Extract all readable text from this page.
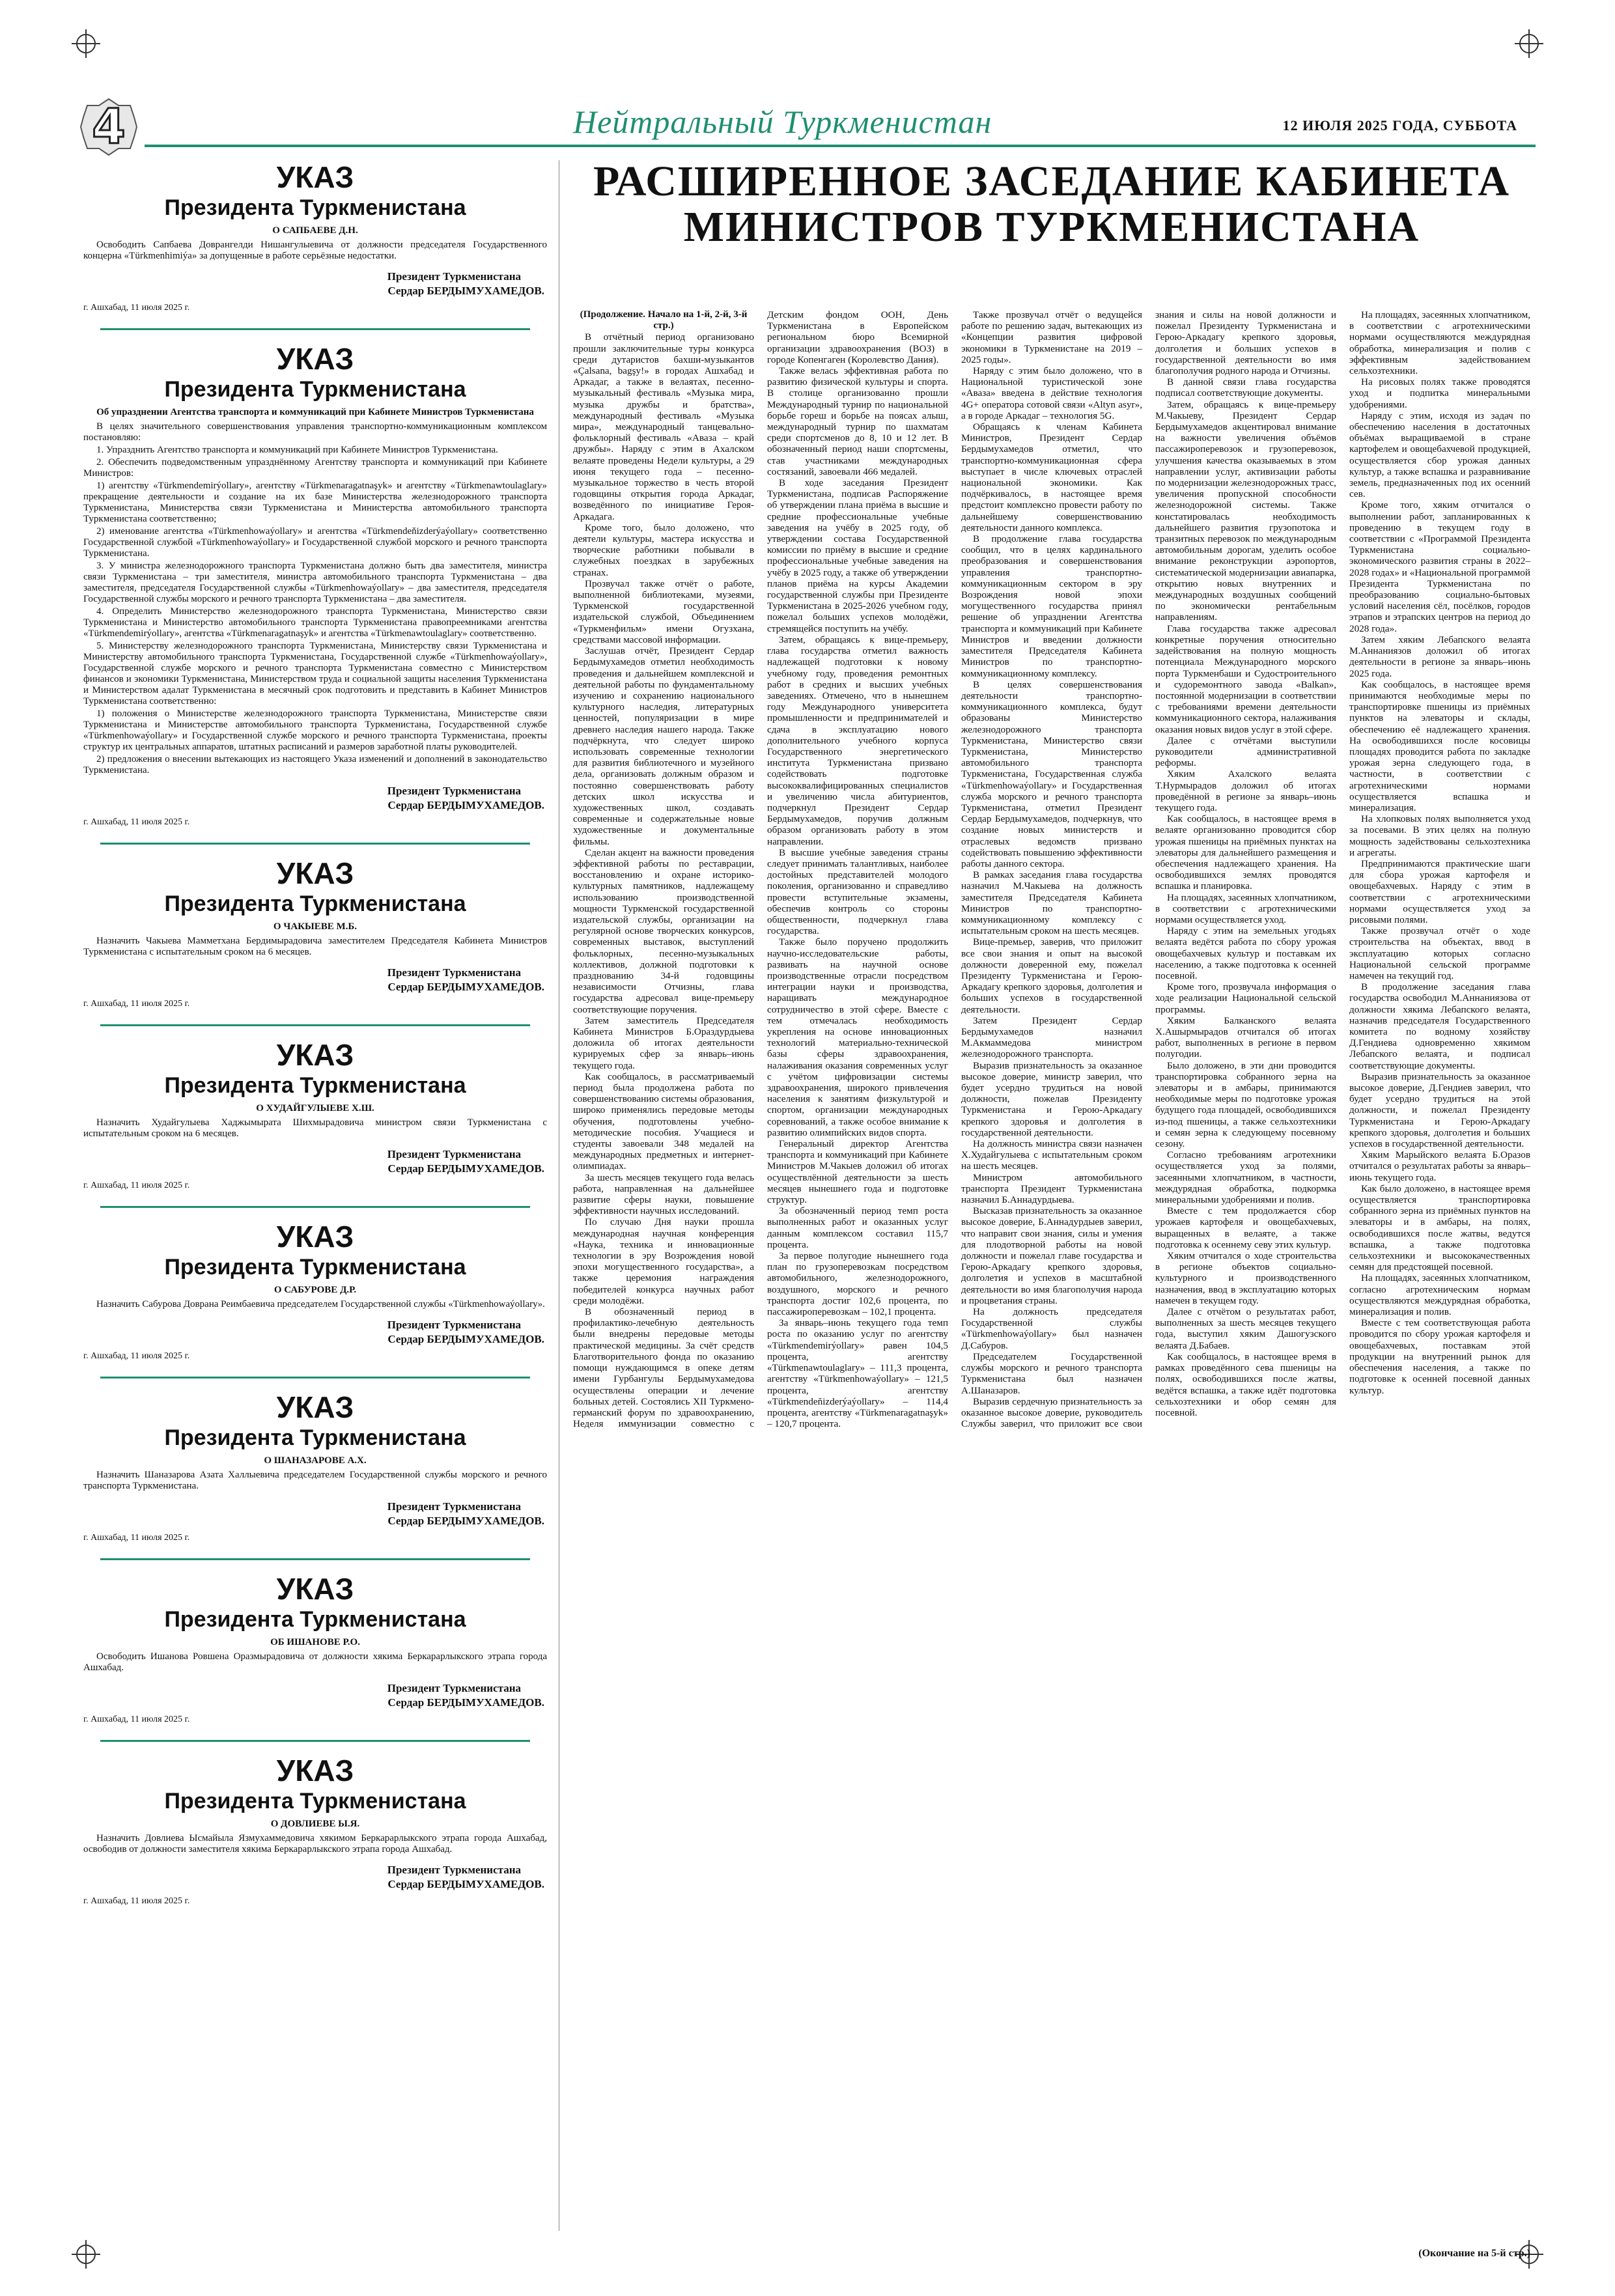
4	Нейтральный Туркменистан	12 ИЮЛЯ 2025 ГОДА, СУББОТА
УКАЗ
Президента Туркменистана
О САПБАЕВЕ Д.Н.

Освободить Сапбаева Доврангелди Нишангулыевича от должности председателя Государственного концерна «Türkmenhimiýa» за допущенные в работе серьёзные недостатки.

Президент Туркменистана
Сердар БЕРДЫМУХАМЕДОВ.
г. Ашхабад, 11 июля 2025 г.
УКАЗ
Президента Туркменистана
Об упразднении Агентства транспорта и коммуникаций при Кабинете Министров Туркменистана

В целях значительного совершенствования управления транспортно-коммуникационным комплексом постановляю:

1. Упразднить Агентство транспорта и коммуникаций при Кабинете Министров Туркменистана.

2. Обеспечить подведомственным упразднённому Агентству транспорта и коммуникаций при Кабинете Министров:

1) агентству «Türkmendemirýollary», агентству «Türkmenaragatnaşyk» и агентству «Türkmenawtoulaglary» прекращение деятельности и создание на их базе Министерства железнодорожного транспорта Туркменистана, Министерства связи Туркменистана и Министерства автомобильного транспорта Туркменистана соответственно;

2) именование агентства «Türkmenhowaýollary» и агентства «Türkmendeňizderýaýollary» соответственно Государственной службой «Türkmenhowaýollary» и Государственной службой морского и речного транспорта Туркменистана.

3. У министра железнодорожного транспорта Туркменистана должно быть два заместителя, министра связи Туркменистана – три заместителя, министра автомобильного транспорта Туркменистана – два заместителя, председателя Государственной службы «Türkmenhowaýollary» – два заместителя, председателя Государственной службы морского и речного транспорта Туркменистана – два заместителя.

4. Определить Министерство железнодорожного транспорта Туркменистана, Министерство связи Туркменистана и Министерство автомобильного транспорта Туркменистана правопреемниками агентства «Türkmendemirýollary», агентства «Türkmenaragatnaşyk» и агентства «Türkmenawtoulaglary» соответственно.

5. Министерству железнодорожного транспорта Туркменистана, Министерству связи Туркменистана и Министерству автомобильного транспорта Туркменистана, Государственной службе «Türkmenhowaýollary», Государственной службе морского и речного транспорта Туркменистана совместно с Министерством финансов и экономики Туркменистана, Министерством труда и социальной защиты населения Туркменистана и Министерством адалат Туркменистана в месячный срок подготовить и представить в Кабинет Министров Туркменистана соответственно:

1) положения о Министерстве железнодорожного транспорта Туркменистана, Министерстве связи Туркменистана и Министерстве автомобильного транспорта Туркменистана, Государственной службе «Türkmenhowaýollary» и Государственной службе морского и речного транспорта Туркменистана, проекты структур их центральных аппаратов, штатных расписаний и размеров заработной платы руководителей.

2) предложения о внесении вытекающих из настоящего Указа изменений и дополнений в законодательство Туркменистана.

Президент Туркменистана
Сердар БЕРДЫМУХАМЕДОВ.
г. Ашхабад, 11 июля 2025 г.
УКАЗ
Президента Туркменистана
О ЧАКЫЕВЕ М.Б.

Назначить Чакыева Мамметхана Бердимырадовича заместителем Председателя Кабинета Министров Туркменистана с испытательным сроком на 6 месяцев.

Президент Туркменистана
Сердар БЕРДЫМУХАМЕДОВ.
г. Ашхабад, 11 июля 2025 г.
УКАЗ
Президента Туркменистана
О ХУДАЙГУЛЫЕВЕ Х.Ш.

Назначить Худайгулыева Хаджымырата Шихмырадовича министром связи Туркменистана с испытательным сроком на 6 месяцев.

Президент Туркменистана
Сердар БЕРДЫМУХАМЕДОВ.
г. Ашхабад, 11 июля 2025 г.
УКАЗ
Президента Туркменистана
О САБУРОВЕ Д.Р.

Назначить Сабурова Доврана Реимбаевича председателем Государственной службы «Türkmenhowaýollary».

Президент Туркменистана
Сердар БЕРДЫМУХАМЕДОВ.
г. Ашхабад, 11 июля 2025 г.
УКАЗ
Президента Туркменистана
О ШАНАЗАРОВЕ А.Х.

Назначить Шаназарова Азата Халлыевича председателем Государственной службы морского и речного транспорта Туркменистана.

Президент Туркменистана
Сердар БЕРДЫМУХАМЕДОВ.
г. Ашхабад, 11 июля 2025 г.
УКАЗ
Президента Туркменистана
ОБ ИШАНОВЕ Р.О.

Освободить Ишанова Ровшена Оразмырадовича от должности хякима Беркарарлыкского этрапа города Ашхабад.

Президент Туркменистана
Сердар БЕРДЫМУХАМЕДОВ.
г. Ашхабад, 11 июля 2025 г.
УКАЗ
Президента Туркменистана
О ДОВЛИЕВЕ Ы.Я.

Назначить Довлиева Ысмайыла Язмухаммедовича хякимом Беркарарлыкского этрапа города Ашхабад, освободив от должности заместителя хякима Беркарарлыкского этрапа города Ашхабад.

Президент Туркменистана
Сердар БЕРДЫМУХАМЕДОВ.
г. Ашхабад, 11 июля 2025 г.
РАСШИРЕННОЕ ЗАСЕДАНИЕ КАБИНЕТА МИНИСТРОВ ТУРКМЕНИСТАНА

(Продолжение. Начало на 1-й, 2-й, 3-й стр.)

В отчётный период организовано прошли заключительные туры конкурса среди дутаристов бахши-музыкантов «Çalsana, bagşy!» в городах Ашхабад и Аркадаг, а также в велаятах, песенно-музыкальный фестиваль «Музыка мира, музыка дружбы и братства», международный фестиваль «Музыка мира», международный танцевально-фольклорный фестиваль «Аваза – край дружбы». Наряду с этим в Ахалском велаяте проведены Недели культуры, а 29 июня текущего года – песенно-музыкальное торжество в честь второй годовщины открытия города Аркадаг, возведённого по инициативе Героя-Аркадага.

Кроме того, было доложено, что деятели культуры, мастера искусства и творческие работники побывали в служебных поездках в зарубежных странах.

Прозвучал также отчёт о работе, выполненной библиотеками, музеями, Туркменской государственной издательской службой, Объединением «Туркменфильм» имени Огузхана, средствами массовой информации.

Заслушав отчёт, Президент Сердар Бердымухамедов отметил необходимость проведения и дальнейшем комплексной и деятельной работы по фундаментальному изучению и сохранению национального культурного наследия, литературных ценностей, популяризации в мире древнего наследия нашего народа. Также подчёркнута, что следует широко использовать современные технологии для развития библиотечного и музейного дела, организовать должным образом и постоянно совершенствовать работу детских школ искусства и художественных школ, создавать современные и содержательные новые художественные и документальные фильмы.

Сделан акцент на важности проведения эффективной работы по реставрации, восстановлению и охране историко-культурных памятников, надлежащему использованию производственной мощности Туркменской государственной издательской службы, организации на регулярной основе творческих конкурсов, современных выставок, выступлений фольклорных, песенно-музыкальных коллективов, должной подготовки к празднованию 34-й годовщины независимости Отчизны, глава государства адресовал вице-премьеру соответствующие поручения.

Затем заместитель Председателя Кабинета Министров Б.Ораздурдыева доложила об итогах деятельности курируемых сфер за январь–июнь текущего года.

Как сообщалось, в рассматриваемый период была продолжена работа по совершенствованию системы образования, широко применялись передовые методы обучения, подготовлены учебно-методические пособия. Учащиеся и студенты завоевали 348 медалей на международных предметных и интернет-олимпиадах.

За шесть месяцев текущего года велась работа, направленная на дальнейшее развитие сферы науки, повышение эффективности научных исследований.

По случаю Дня науки прошла международная научная конференция «Наука, техника и инновационные технологии в эру Возрождения новой эпохи могущественного государства», а также церемония награждения победителей конкурса научных работ среди молодёжи.

В обозначенный период в профилактико-лечебную деятельность были внедрены передовые методы практической медицины. За счёт средств Благотворительного фонда по оказанию помощи нуждающимся в опеке детям имени Гурбангулы Бердымухамедова осуществлены операции и лечение больных детей. Состоялись XII Туркмено-германский форум по здравоохранению, Неделя иммунизации совместно с Детским фондом ООН, День Туркменистана в Европейском региональном бюро Всемирной организации здравоохранения (ВОЗ) в городе Копенгаген (Королевство Дания).

Также велась эффективная работа по развитию физической культуры и спорта. В столице организованно прошли Международный турнир по национальной борьбе гореш и борьбе на поясах алыш, международный турнир по шахматам среди спортсменов до 8, 10 и 12 лет. В обозначенный период наши спортсмены, став участниками международных состязаний, завоевали 466 медалей.

В ходе заседания Президент Туркменистана, подписав Распоряжение об утверждении плана приёма в высшие и средние профессиональные учебные заведения на учёбу в 2025 году, об утверждении состава Государственной комиссии по приёму в высшие и средние профессиональные учебные заведения на учёбу в 2025 году, а также об утверждении планов приёма на курсы Академии государственной службы при Президенте Туркменистана в 2025-2026 учебном году, пожелал больших успехов молодёжи, стремящейся поступить на учёбу.

Затем, обращаясь к вице-премьеру, глава государства отметил важность надлежащей подготовки к новому учебному году, проведения ремонтных работ в средних и высших учебных заведениях. Отмечено, что в нынешнем году Международного университета промышленности и предпринимателей и сдача в эксплуатацию нового дополнительного учебного корпуса Государственного энергетического института Туркменистана призвано содействовать подготовке высококвалифицированных специалистов и увеличению числа абитуриентов, подчеркнул Президент Сердар Бердымухамедов, поручив должным образом организовать работу в этом направлении.

В высшие учебные заведения страны следует принимать талантливых, наиболее достойных представителей молодого поколения, организованно и справедливо провести вступительные экзамены, обеспечив контроль со стороны общественности, подчеркнул глава государства.

Также было поручено продолжить научно-исследовательские работы, развивать на научной основе производственные отрасли посредством интеграции науки и производства, наращивать международное сотрудничество в этой сфере. Вместе с тем отмечалась необходимость укрепления на основе инновационных технологий материально-технической базы сферы здравоохранения, налаживания оказания современных услуг с учётом цифровизации системы здравоохранения, широкого привлечения населения к занятиям физкультурой и спортом, организации международных соревнований, а также особое внимание к развитию олимпийских видов спорта.

Генеральный директор Агентства транспорта и коммуникаций при Кабинете Министров М.Чакыев доложил об итогах осуществлённой деятельности за шесть месяцев нынешнего года и подготовке структур.

За обозначенный период темп роста выполненных работ и оказанных услуг данным комплексом составил 115,7 процента.

За первое полугодие нынешнего года план по грузоперевозкам посредством автомобильного, железнодорожного, воздушного, морского и речного транспорта достиг 102,6 процента, по пассажироперевозкам – 102,1 процента.

За январь–июнь текущего года темп роста по оказанию услуг по агентству «Türkmendemirýollary» равен 104,5 процента, агентству «Türkmenawtoulaglary» – 111,3 процента, агентству «Türkmenhowaýollary» – 121,5 процента, агентству «Türkmendeňizderýaýollary» – 114,4 процента, агентству «Türkmenaragatnaşyk» – 120,7 процента.

Также прозвучал отчёт о ведущейся работе по решению задач, вытекающих из «Концепции развития цифровой экономики в Туркменистане на 2019 – 2025 годы».

Наряду с этим было доложено, что в Национальной туристической зоне «Аваза» введена в действие технология 4G+ оператора сотовой связи «Altyn asyr», а в городе Аркадаг – технология 5G.

Обращаясь к членам Кабинета Министров, Президент Сердар Бердымухамедов отметил, что транспортно-коммуникационная сфера выступает в числе ключевых отраслей национальной экономики. Как подчёркивалось, в настоящее время предстоит комплексно провести работу по дальнейшему совершенствованию деятельности данного комплекса.

В продолжение глава государства сообщил, что в целях кардинального преобразования и совершенствования управления транспортно-коммуникационным сектором в эру Возрождения новой эпохи могущественного государства принял решение об упразднении Агентства транспорта и коммуникаций при Кабинете Министров и введении должности заместителя Председателя Кабинета Министров по транспортно-коммуникационному комплексу.

В целях совершенствования деятельности транспортно-коммуникационного комплекса, будут образованы Министерство железнодорожного транспорта Туркменистана, Министерство связи Туркменистана, Министерство автомобильного транспорта Туркменистана, Государственная служба «Türkmenhowaýollary» и Государственная служба морского и речного транспорта Туркменистана, отметил Президент Сердар Бердымухамедов, подчеркнув, что создание новых министерств и отраслевых ведомств призвано содействовать повышению эффективности работы данного сектора.

В рамках заседания глава государства назначил М.Чакыева на должность заместителя Председателя Кабинета Министров по транспортно-коммуникационному комплексу с испытательным сроком на шесть месяцев.

Вице-премьер, заверив, что приложит все свои знания и опыт на высокой должности доверенной ему, пожелал Президенту Туркменистана и Герою-Аркадагу крепкого здоровья, долголетия и больших успехов в государственной деятельности.

Затем Президент Сердар Бердымухамедов назначил М.Акмаммедова министром железнодорожного транспорта.

Выразив признательность за оказанное высокое доверие, министр заверил, что будет усердно трудиться на новой должности, пожелав Президенту Туркменистана и Герою-Аркадагу крепкого здоровья и долголетия в государственной деятельности.

На должность министра связи назначен Х.Худайгулыева с испытательным сроком на шесть месяцев.

Министром автомобильного транспорта Президент Туркменистана назначил Б.Аннадурдыева.

Высказав признательность за оказанное высокое доверие, Б.Аннадурдыев заверил, что направит свои знания, силы и умения для плодотворной работы на новой должности и пожелал главе государства и Герою-Аркадагу крепкого здоровья, долголетия и успехов в масштабной деятельности во имя благополучия народа и процветания страны.

На должность председателя Государственной службы «Türkmenhowaýollary» был назначен Д.Сабуров.

Председателем Государственной службы морского и речного транспорта Туркменистана был назначен А.Шаназаров.

Выразив сердечную признательность за оказанное высокое доверие, руководитель Службы заверил, что приложит все свои знания и силы на новой должности и пожелал Президенту Туркменистана и Герою-Аркадагу крепкого здоровья, долголетия и больших успехов в государственной деятельности во имя благополучия родного народа и Отчизны.

В данной связи глава государства подписал соответствующие документы.

Затем, обращаясь к вице-премьеру М.Чакыеву, Президент Сердар Бердымухамедов акцентировал внимание на важности увеличения объёмов пассажироперевозок и грузоперевозок, улучшения качества оказываемых в этом направлении услуг, активизации работы по модернизации железнодорожных трасс, увеличения пропускной способности железнодорожной системы. Также констатировалась необходимость дальнейшего развития грузопотока и транзитных перевозок по международным автомобильным дорогам, уделить особое внимание реконструкции аэропортов, систематической модернизации авиапарка, открытию новых внутренних и международных воздушных сообщений по экономически рентабельным направлениям.

Глава государства также адресовал конкретные поручения относительно задействования на полную мощность потенциала Международного морского порта Туркменбаши и Судостроительного и судоремонтного завода «Balkan», постоянной модернизации в соответствии с требованиями времени деятельности коммуникационного сектора, налаживания оказания новых видов услуг в этой сфере.

Далее с отчётами выступили руководители административной реформы.

Хяким Ахалского велаята Т.Нурмырадов доложил об итогах проведённой в регионе за январь–июнь текущего года.

Как сообщалось, в настоящее время в велаяте организованно проводится сбор урожая пшеницы на приёмных пунктах на элеваторы для дальнейшего размещения и обеспечения надлежащего хранения. На освободившихся землях проводятся вспашка и планировка.

На площадях, засеянных хлопчатником, в соответствии с агротехническими нормами осуществляется уход.

Наряду с этим на земельных угодьях велаята ведётся работа по сбору урожая овощебахчевых культур и поставкам их населению, а также подготовка к осенней посевной.

Кроме того, прозвучала информация о ходе реализации Национальной сельской программы.

Хяким Балканского велаята Х.Ашырмырадов отчитался об итогах работ, выполненных в регионе в первом полугодии.

Было доложено, в эти дни проводится транспортировка собранного зерна на элеваторы и в амбары, принимаются необходимые меры по подготовке урожая будущего года площадей, освободившихся из-под пшеницы, а также сельхозтехники и семян зерна к следующему посевному сезону.

Согласно требованиям агротехники осуществляется уход за полями, засеянными хлопчатником, в частности, междурядная обработка, подкормка минеральными удобрениями и полив.

Вместе с тем продолжается сбор урожаев картофеля и овощебахчевых, выращенных в велаяте, а также подготовка к осеннему севу этих культур.

Хяким отчитался о ходе строительства в регионе объектов социально-культурного и производственного назначения, ввод в эксплуатацию которых намечен в текущем году.

Далее с отчётом о результатах работ, выполненных за шесть месяцев текущего года, выступил хяким Дашогузского велаята Д.Бабаев.

Как сообщалось, в настоящее время в рамках проведённого сева пшеницы на полях, освободившихся после жатвы, ведётся вспашка, а также идёт подготовка сельхозтехники и обор семян для посевной.

На площадях, засеянных хлопчатником, в соответствии с агротехническими нормами осуществляются междурядная обработка, минерализация и полив с эффективным задействованием сельхозтехники.

На рисовых полях также проводятся уход и подпитка минеральными удобрениями.

Наряду с этим, исходя из задач по обеспечению населения в достаточных объёмах выращиваемой в стране картофелем и овощебахчевой продукцией, осуществляется сбор урожая данных культур, а также вспашка и разравнивание земель, предназначенных под их осенний сев.

Кроме того, хяким отчитался о выполнении работ, запланированных к проведению в текущем году в соответствии с «Программой Президента Туркменистана социально-экономического развития страны в 2022–2028 годах» и «Национальной программой Президента Туркменистана по преобразованию социально-бытовых условий населения сёл, посёлков, городов этрапов и этрапских центров на период до 2028 года».

Затем хяким Лебапского велаята М.Аннаниязов доложил об итогах деятельности в регионе за январь–июнь 2025 года.

Как сообщалось, в настоящее время принимаются необходимые меры по транспортировке пшеницы из приёмных пунктов на элеваторы и склады, обеспечению её надлежащего хранения. На освободившихся после косовицы площадях проводится работа по закладке урожая зерна следующего года, в частности, в соответствии с агротехническими нормами осуществляется вспашка и минерализация.

На хлопковых полях выполняется уход за посевами. В этих целях на полную мощность задействованы сельхозтехника и агрегаты.

Предпринимаются практические шаги для сбора урожая картофеля и овощебахчевых. Наряду с этим в соответствии с агротехническими нормами осуществляется уход за рисовыми полями.

Также прозвучал отчёт о ходе строительства на объектах, ввод в эксплуатацию которых согласно Национальной сельской программе намечен на текущий год.

В продолжение заседания глава государства освободил М.Аннаниязова от должности хякима Лебапского велаята, назначив председателя Государственного комитета по водному хозяйству Д.Гендиева одновременно хякимом Лебапского велаята, и подписал соответствующие документы.

Выразив признательность за оказанное высокое доверие, Д.Гендиев заверил, что будет усердно трудиться на этой должности, и пожелал Президенту Туркменистана и Герою-Аркадагу крепкого здоровья, долголетия и больших успехов в государственной деятельности.

Хяким Марыйского велаята Б.Оразов отчитался о результатах работы за январь–июнь текущего года.

Как было доложено, в настоящее время осуществляется транспортировка собранного зерна из приёмных пунктов на элеваторы и в амбары, на полях, освободившихся после жатвы, ведутся вспашка, а также подготовка сельхозтехники и высококачественных семян для предстоящей посевной.

На площадях, засеянных хлопчатником, согласно агротехническим нормам осуществляются междурядная обработка, минерализация и полив.

Вместе с тем соответствующая работа проводится по сбору урожая картофеля и овощебахчевых, поставкам этой продукции на внутренний рынок для обеспечения населения, а также по подготовке к осенней посевной данных культур.

(Окончание на 5-й стр.)
